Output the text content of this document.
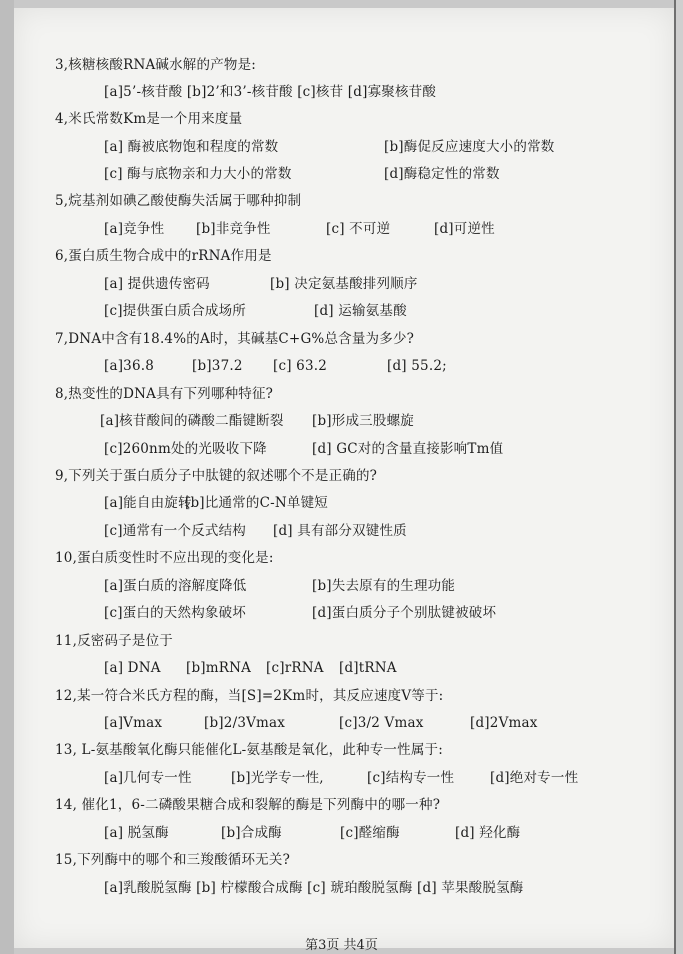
3,核糖核酸RNA碱水解的产物是:
[a]5’-核苷酸 [b]2’和3’-核苷酸 [c]核苷 [d]寡聚核苷酸
4,米氏常数Km是一个用来度量
[a] 酶被底物饱和程度的常数	[b]酶促反应速度大小的常数
[c] 酶与底物亲和力大小的常数	[d]酶稳定性的常数
5,烷基剂如碘乙酸使酶失活属于哪种抑制
[a]竞争性 [b]非竞争性	[c] 不可逆	[d]可逆性
6,蛋白质生物合成中的rRNA作用是
[a] 提供遗传密码	[b] 决定氨基酸排列顺序
[c]提供蛋白质合成场所	[d] 运输氨基酸
7,DNA中含有18.4%的A时，其碱基C+G%总含量为多少?
[a]36.8	[b]37.2 [c] 63.2	[d] 55.2;
8,热变性的DNA具有下列哪种特征?
[a]核苷酸间的磷酸二酯键断裂 [b]形成三股螺旋
[c]260nm处的光吸收下降	[d] GC对的含量直接影响Tm值
9,下列关于蛋白质分子中肽键的叙述哪个不是正确的?
[a]能自由旋转
[b]比通常的C-N单键短
[c]通常有一个反式结构 [d] 具有部分双键性质
10,蛋白质变性时不应出现的变化是:
[a]蛋白质的溶解度降低	[b]失去原有的生理功能
[c]蛋白的天然构象破坏	[d]蛋白质分子个别肽键被破坏
11,反密码子是位于
[a] DNA [b]mRNA [c]rRNA [d]tRNA
12,某一符合米氏方程的酶，当[S]=2Km时，其反应速度V等于:
[a]Vmax	[b]2/3Vmax	[c]3/2 Vmax	[d]2Vmax
13, L-氨基酸氧化酶只能催化L-氨基酸是氧化，此种专一性属于:
[a]几何专一性	[b]光学专一性,	[c]结构专一性	[d]绝对专一性
14, 催化1，6-二磷酸果糖合成和裂解的酶是下列酶中的哪一种?
[a] 脱氢酶	[b]合成酶	[c]醛缩酶	[d] 羟化酶
15,下列酶中的哪个和三羧酸循环无关?
[a]乳酸脱氢酶 [b] 柠檬酸合成酶 [c] 琥珀酸脱氢酶 [d] 苹果酸脱氢酶
第3页 共4页
